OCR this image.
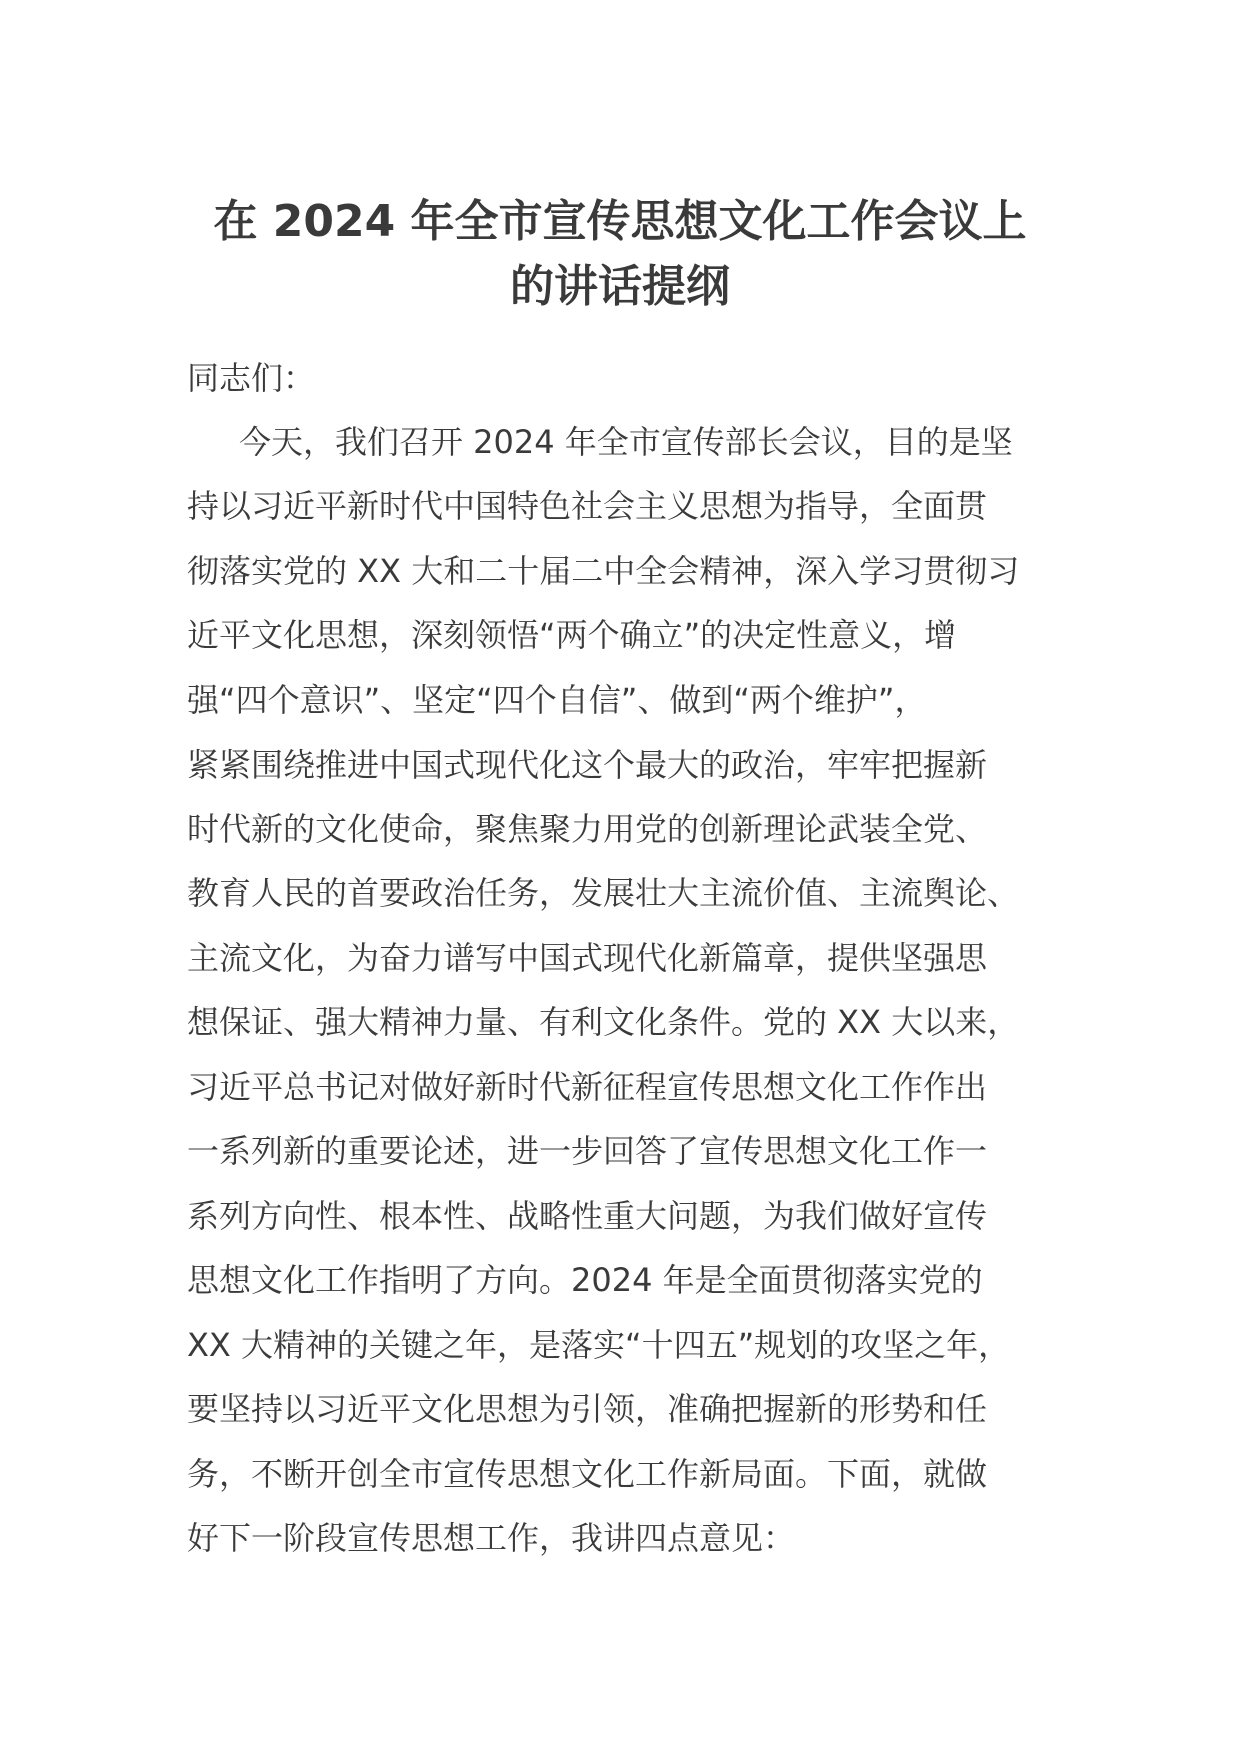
在 2024 年全市宣传思想文化工作会议上
的讲话提纲
同志们：
今天，我们召开 2024 年全市宣传部长会议，目的是坚
持以习近平新时代中国特色社会主义思想为指导，全面贯
彻落实党的 XX 大和二十届二中全会精神，深入学习贯彻习
近平文化思想，深刻领悟“两个确立”的决定性意义，增
强“四个意识”、坚定“四个自信”、做到“两个维护”，
紧紧围绕推进中国式现代化这个最大的政治，牢牢把握新
时代新的文化使命，聚焦聚力用党的创新理论武装全党、
教育人民的首要政治任务，发展壮大主流价值、主流舆论、
主流文化，为奋力谱写中国式现代化新篇章，提供坚强思
想保证、强大精神力量、有利文化条件。党的 XX 大以来，
习近平总书记对做好新时代新征程宣传思想文化工作作出
一系列新的重要论述，进一步回答了宣传思想文化工作一
系列方向性、根本性、战略性重大问题，为我们做好宣传
思想文化工作指明了方向。2024 年是全面贯彻落实党的
XX 大精神的关键之年，是落实“十四五”规划的攻坚之年，
要坚持以习近平文化思想为引领，准确把握新的形势和任
务，不断开创全市宣传思想文化工作新局面。下面，就做
好下一阶段宣传思想工作，我讲四点意见：
